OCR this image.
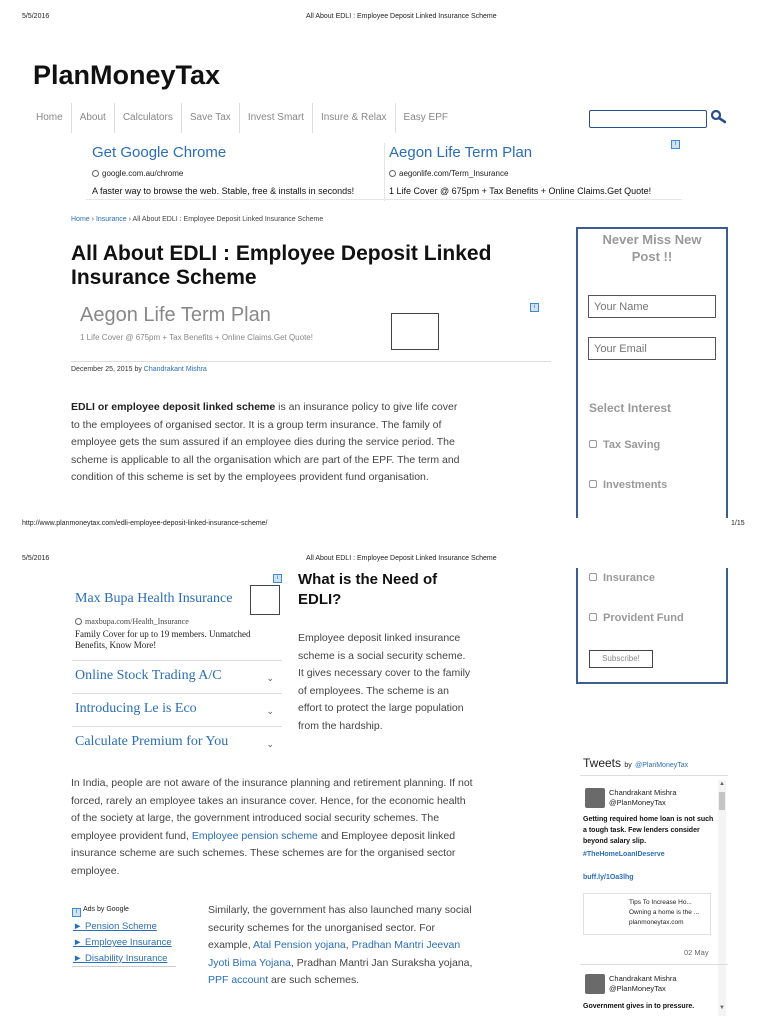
5/5/2016	All About EDLI : Employee Deposit Linked Insurance Scheme
PlanMoneyTax
Home	About	Calculators	Save Tax	Invest Smart	Insure & Relax	Easy EPF
Get Google Chrome
google.com.au/chrome
A faster way to browse the web. Stable, free & installs in seconds!
Aegon Life Term Plan
aegonlife.com/Term_Insurance
1 Life Cover @ 675pm + Tax Benefits + Online Claims.Get Quote!
i
Home › Insurance › All About EDLI : Employee Deposit Linked Insurance Scheme
All About EDLI : Employee Deposit Linked Insurance Scheme
Aegon Life Term Plan
1 Life Cover @ 675pm + Tax Benefits + Online Claims.Get Quote!
i
December 25, 2015 by Chandrakant Mishra
EDLI or employee deposit linked scheme is an insurance policy to give life cover to the employees of organised sector. It is a group term insurance. The family of employee gets the sum assured if an employee dies during the service period. The scheme is applicable to all the organisation which are part of the EPF. The term and condition of this scheme is set by the employees provident fund organisation.
Never Miss New Post !!
Your Name
Your Email
Select Interest
Tax Saving
Investments
http://www.planmoneytax.com/edli-employee-deposit-linked-insurance-scheme/	1/15
5/5/2016	All About EDLI : Employee Deposit Linked Insurance Scheme
Insurance
Provident Fund
Subscribe!
i
Max Bupa Health Insurance
maxbupa.com/Health_Insurance
Family Cover for up to 19 members. Unmatched Benefits, Know More!
Online Stock Trading A/C	⌄
Introducing Le is Eco	⌄
Calculate Premium for You	⌄
What is the Need of EDLI?
Employee deposit linked insurance scheme is a social security scheme. It gives necessary cover to the family of employees. The scheme is an effort to protect the large population from the hardship.
In India, people are not aware of the insurance planning and retirement planning. If not forced, rarely an employee takes an insurance cover. Hence, for the economic health of the society at large, the government introduced social security schemes. The employee provident fund, Employee pension scheme and Employee deposit linked insurance scheme are such schemes. These schemes are for the organised sector employee.
i Ads by Google
► Pension Scheme
► Employee Insurance
► Disability Insurance
Similarly, the government has also launched many social security schemes for the unorganised sector. For example, Atal Pension yojana, Pradhan Mantri Jeevan Jyoti Bima Yojana, Pradhan Mantri Jan Suraksha yojana, PPF account are such schemes.
Tweets by @PlanMoneyTax
▲
▼
Chandrakant Mishra
@PlanMoneyTax
Getting required home loan is not such a tough task. Few lenders consider beyond salary slip.
#TheHomeLoanIDeserve
buff.ly/1Oa3lhg
Tips To Increase Ho... Owning a home is the ... planmoneytax.com
02 May
Chandrakant Mishra
@PlanMoneyTax
Government gives in to pressure.
